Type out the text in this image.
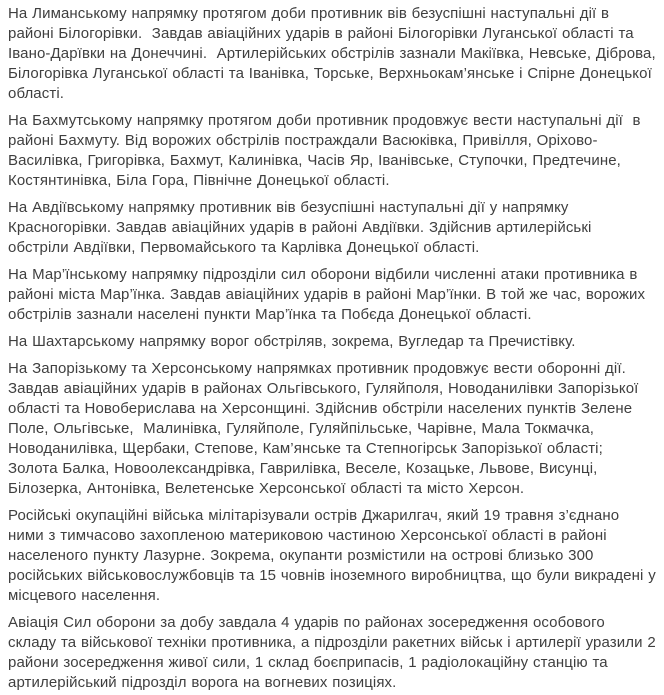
На Лиманському напрямку протягом доби противник вів безуспішні наступальні дії в районі Білогорівки.  Завдав авіаційних ударів в районі Білогорівки Луганської області та Івано-Дарївки на Донеччині.  Артилерійських обстрілів зазнали Макіївка, Невське, Діброва, Білогорівка Луганської області та Іванівка, Торське, Верхньокам’янське і Спірне Донецької області.

На Бахмутському напрямку протягом доби противник продовжує вести наступальні дії  в районі Бахмуту. Від ворожих обстрілів постраждали Васюківка, Привілля, Оріхово-Василівка, Григорівка, Бахмут, Калинівка, Часів Яр, Іванівське, Ступочки, Предтечине, Костянтинівка, Біла Гора, Північне Донецької області.

На Авдіївському напрямку противник вів безуспішні наступальні дії у напрямку Красногорівки. Завдав авіаційних ударів в районі Авдіївки. Здійснив артилерійські обстріли Авдіївки, Первомайського та Карлівка Донецької області.

На Мар’їнському напрямку підрозділи сил оборони відбили численні атаки противника в районі міста Мар’їнка. Завдав авіаційних ударів в районі Мар’їнки. В той же час, ворожих обстрілів зазнали населені пункти Мар’їнка та Побєда Донецької області.

На Шахтарському напрямку ворог обстріляв, зокрема, Вугледар та Пречистівку.

На Запорізькому та Херсонському напрямках противник продовжує вести оборонні дії. Завдав авіаційних ударів в районах Ольгівського, Гуляйполя, Новоданилівки Запорізької області та Новоберислава на Херсонщині. Здійснив обстріли населених пунктів Зелене Поле, Ольгівське,  Малинівка, Гуляйполе, Гуляйпільське, Чарівне, Мала Токмачка, Новоданилівка, Щербаки, Степове, Кам’янське та Степногірськ Запорізької області; Золота Балка, Новоолександрівка, Гаврилівка, Веселе, Козацьке, Львове, Висунці, Білозерка, Антонівка, Велетенське Херсонської області та місто Херсон.

Російські окупаційні війська мілітарізували острів Джарилгач, який 19 травня з’єднано ними з тимчасово захопленою материковою частиною Херсонської області в районі населеного пункту Лазурне. Зокрема, окупанти розмістили на острові близько 300 російських військовослужбовців та 15 човнів іноземного виробництва, що були викрадені у місцевого населення.

Авіація Сил оборони за добу завдала 4 ударів по районах зосередження особового складу та військової техніки противника, а підрозділи ракетних військ і артилерії уразили 2 райони зосередження живої сили, 1 склад боєприпасів, 1 радіолокаційну станцію та артилерійський підрозділ ворога на вогневих позиціях.
